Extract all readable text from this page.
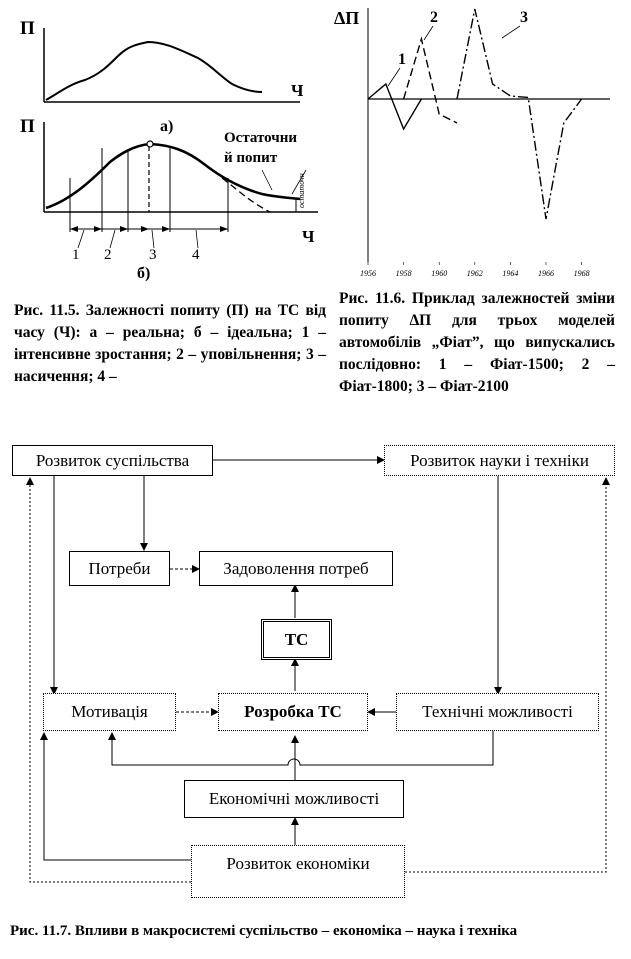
П
Ч
П
Ч
а)
Остаточни
й попит
остаточн
1 2	3 4
б)

Рис. 11.5. Залежності попиту (П) на ТС від часу (Ч): а – реальна; б – ідеальна; 1 – інтенсивне зростання; 2 – уповільнення; 3 – насичення; 4 –

ΔП
1956 1958 1960 1962 1964 1966 1968
1
2	3

Рис. 11.6. Приклад залежностей зміни попиту ΔП для трьох моделей автомобілів „Фіат”, що випускались послідовно: 1 – Фіат-1500; 2 – Фіат-1800; 3 – Фіат-2100

Розвиток суспільства	Розвиток науки і техніки
Потреби	Задоволення потреб
ТС
Мотивація	Розробка ТС	Технічні можливості
Економічні можливості
Розвиток економіки

Рис. 11.7. Впливи в макросистемі суспільство – економіка – наука і техніка
